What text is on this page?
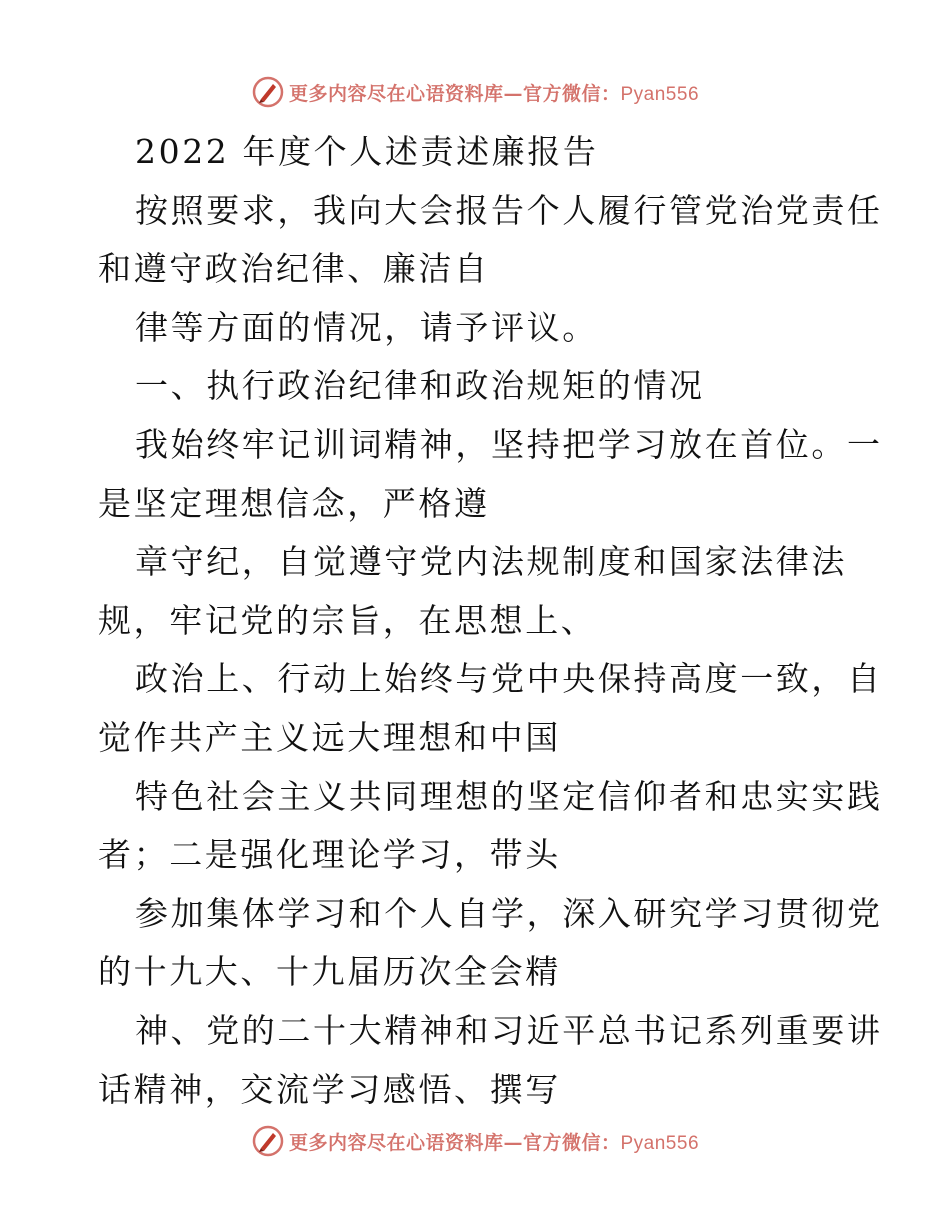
更多内容尽在心语资料库—官方微信：Pyan556
2022 年度个人述责述廉报告
按照要求，我向大会报告个人履行管党治党责任
和遵守政治纪律、廉洁自
律等方面的情况，请予评议。
一、执行政治纪律和政治规矩的情况
我始终牢记训词精神，坚持把学习放在首位。一
是坚定理想信念，严格遵
章守纪，自觉遵守党内法规制度和国家法律法
规，牢记党的宗旨，在思想上、
政治上、行动上始终与党中央保持高度一致，自
觉作共产主义远大理想和中国
特色社会主义共同理想的坚定信仰者和忠实实践
者；二是强化理论学习，带头
参加集体学习和个人自学，深入研究学习贯彻党
的十九大、十九届历次全会精
神、党的二十大精神和习近平总书记系列重要讲
话精神，交流学习感悟、撰写
更多内容尽在心语资料库—官方微信：Pyan556
